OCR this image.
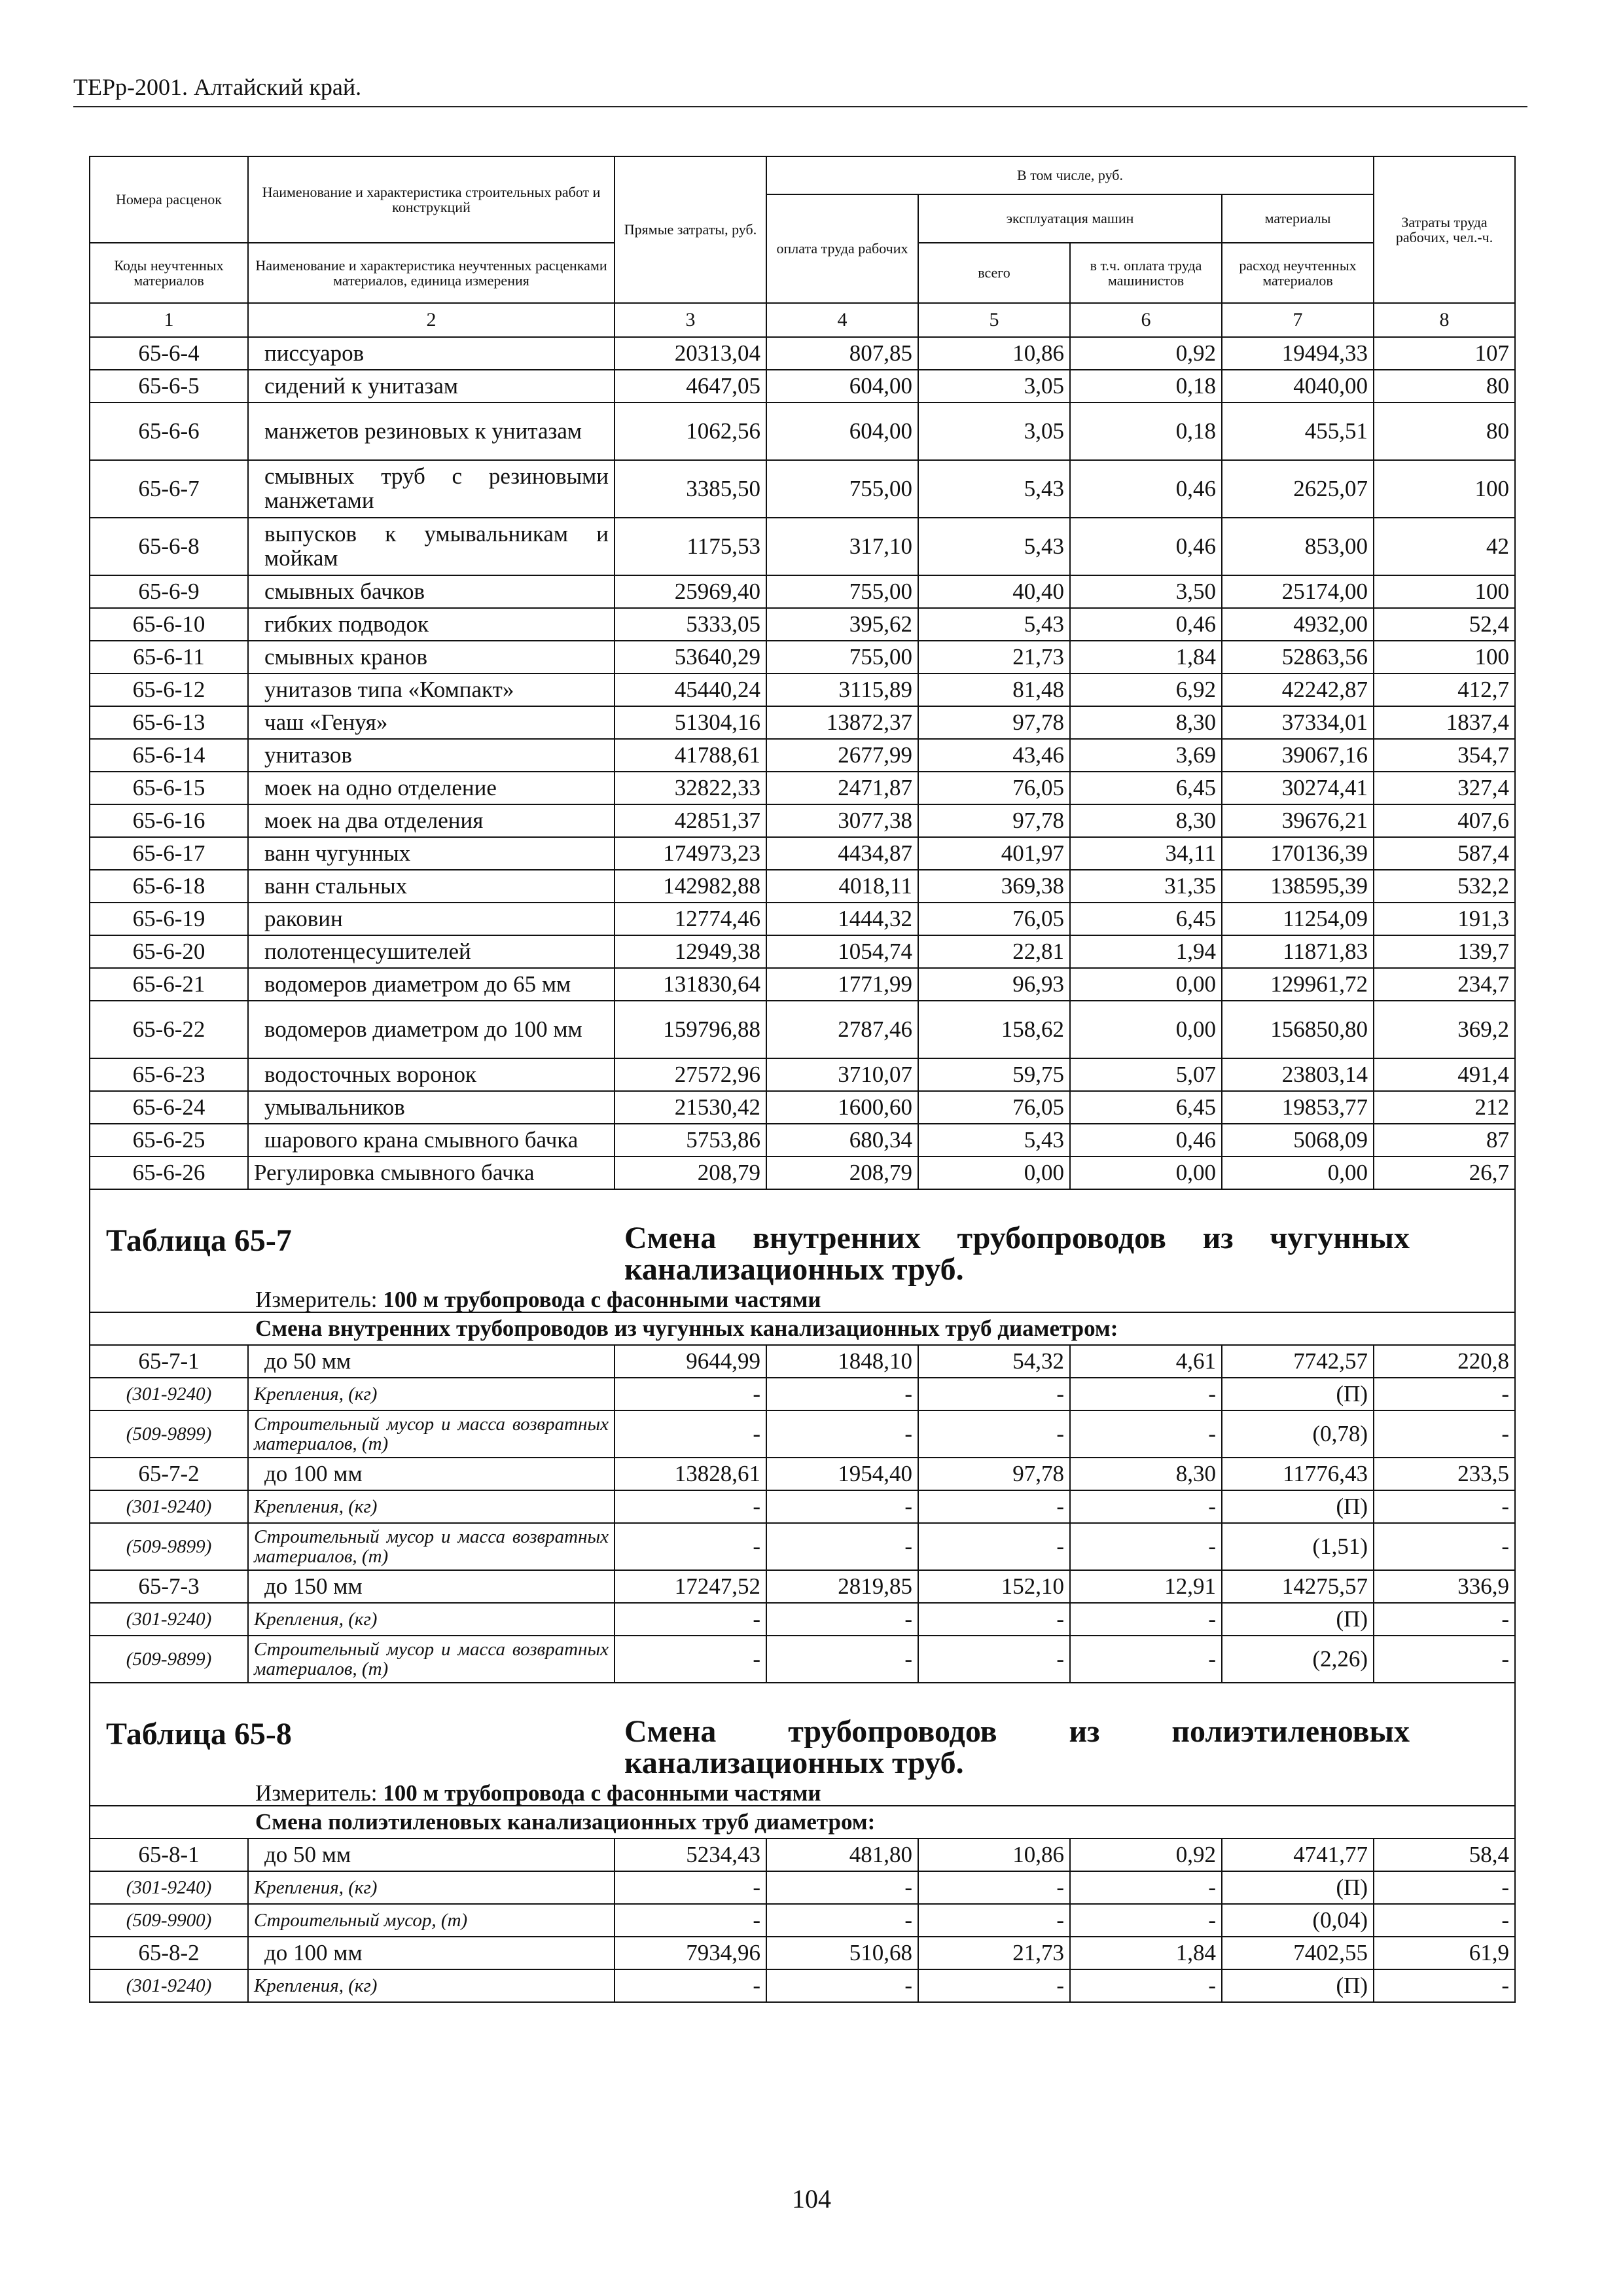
ТЕРр-2001. Алтайский край.
Номера расценок	Наименование и характеристика строительных работ и конструкций	Прямые затраты, руб.	В том числе, руб.				Затраты труда рабочих, чел.-ч.
			оплата труда рабочих	эксплуатация машин		материалы	
Коды неучтенных материалов	Наименование и характеристика неучтенных расценками материалов, единица измерения			всего	в т.ч. оплата труда машинистов	расход неучтенных материалов	
1	2	3	4	5	6	7	8
65-6-4	писсуаров	20313,04	807,85	10,86	0,92	19494,33	107
65-6-5	сидений к унитазам	4647,05	604,00	3,05	0,18	4040,00	80
65-6-6	манжетов резиновых к унитазам	1062,56	604,00	3,05	0,18	455,51	80
65-6-7	смывных труб с резиновыми манжетами	3385,50	755,00	5,43	0,46	2625,07	100
65-6-8	выпусков к умывальникам и мойкам	1175,53	317,10	5,43	0,46	853,00	42
65-6-9	смывных бачков	25969,40	755,00	40,40	3,50	25174,00	100
65-6-10	гибких подводок	5333,05	395,62	5,43	0,46	4932,00	52,4
65-6-11	смывных кранов	53640,29	755,00	21,73	1,84	52863,56	100
65-6-12	унитазов типа «Компакт»	45440,24	3115,89	81,48	6,92	42242,87	412,7
65-6-13	чаш «Генуя»	51304,16	13872,37	97,78	8,30	37334,01	1837,4
65-6-14	унитазов	41788,61	2677,99	43,46	3,69	39067,16	354,7
65-6-15	моек на одно отделение	32822,33	2471,87	76,05	6,45	30274,41	327,4
65-6-16	моек на два отделения	42851,37	3077,38	97,78	8,30	39676,21	407,6
65-6-17	ванн чугунных	174973,23	4434,87	401,97	34,11	170136,39	587,4
65-6-18	ванн стальных	142982,88	4018,11	369,38	31,35	138595,39	532,2
65-6-19	раковин	12774,46	1444,32	76,05	6,45	11254,09	191,3
65-6-20	полотенцесушителей	12949,38	1054,74	22,81	1,94	11871,83	139,7
65-6-21	водомеров диаметром до 65 мм	131830,64	1771,99	96,93	0,00	129961,72	234,7
65-6-22	водомеров диаметром до 100 мм	159796,88	2787,46	158,62	0,00	156850,80	369,2
65-6-23	водосточных воронок	27572,96	3710,07	59,75	5,07	23803,14	491,4
65-6-24	умывальников	21530,42	1600,60	76,05	6,45	19853,77	212
65-6-25	шарового крана смывного бачка	5753,86	680,34	5,43	0,46	5068,09	87
65-6-26	Регулировка смывного бачка	208,79	208,79	0,00	0,00	0,00	26,7

Таблица 65-7 Смена внутренних трубопроводов из чугунных канализационных труб.
Измеритель: 100 м трубопровода с фасонными частями							

Смена внутренних трубопроводов из чугунных канализационных труб диаметром:							
65-7-1	до 50 мм	9644,99	1848,10	54,32	4,61	7742,57	220,8
(301-9240)	Крепления, (кг)	-	-	-	-	(П)	-
(509-9899)	Строительный мусор и масса возвратных материалов, (т)	-	-	-	-	(0,78)	-
65-7-2	до 100 мм	13828,61	1954,40	97,78	8,30	11776,43	233,5
(301-9240)	Крепления, (кг)	-	-	-	-	(П)	-
(509-9899)	Строительный мусор и масса возвратных материалов, (т)	-	-	-	-	(1,51)	-
65-7-3	до 150 мм	17247,52	2819,85	152,10	12,91	14275,57	336,9
(301-9240)	Крепления, (кг)	-	-	-	-	(П)	-
(509-9899)	Строительный мусор и масса возвратных материалов, (т)	-	-	-	-	(2,26)	-

Таблица 65-8 Смена трубопроводов из полиэтиленовых канализационных труб.
Измеритель: 100 м трубопровода с фасонными частями							

Смена полиэтиленовых канализационных труб диаметром:							
65-8-1	до 50 мм	5234,43	481,80	10,86	0,92	4741,77	58,4
(301-9240)	Крепления, (кг)	-	-	-	-	(П)	-
(509-9900)	Строительный мусор, (т)	-	-	-	-	(0,04)	-
65-8-2	до 100 мм	7934,96	510,68	21,73	1,84	7402,55	61,9
(301-9240)	Крепления, (кг)	-	-	-	-	(П)	-
104
